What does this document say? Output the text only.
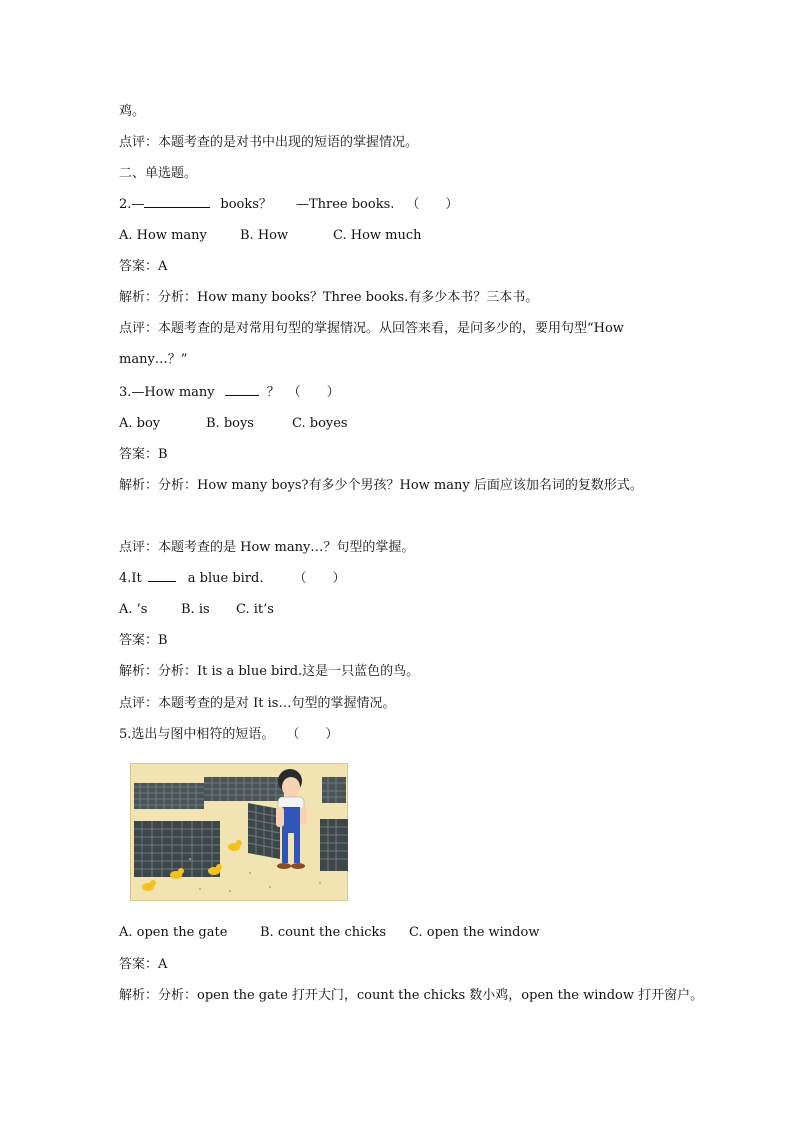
鸡。
点评：本题考查的是对书中出现的短语的掌握情况。
二、单选题。
2.—	books？ —Three books. （　　）
A. How many	B. How	C. How much
答案：A
解析：分析：How many books？Three books.有多少本书？三本书。
点评：本题考查的是对常用句型的掌握情况。从回答来看，是问多少的，要用句型“How
many…？”
3.—How many	？ （　　）
A. boy	B. boys	C. boyes
答案：B
解析：分析：How many boys?有多少个男孩？How many 后面应该加名词的复数形式。
点评：本题考查的是 How many…？句型的掌握。
4.It	a blue bird. （　　）
A. ’s	B. is C. it’s
答案：B
解析：分析：It is a blue bird.这是一只蓝色的鸟。
点评：本题考查的是对 It is…句型的掌握情况。
5.选出与图中相符的短语。 （　　）
A. open the gate	B. count the chicks C. open the window
答案：A
解析：分析：open the gate 打开大门，count the chicks 数小鸡，open the window 打开窗户。
